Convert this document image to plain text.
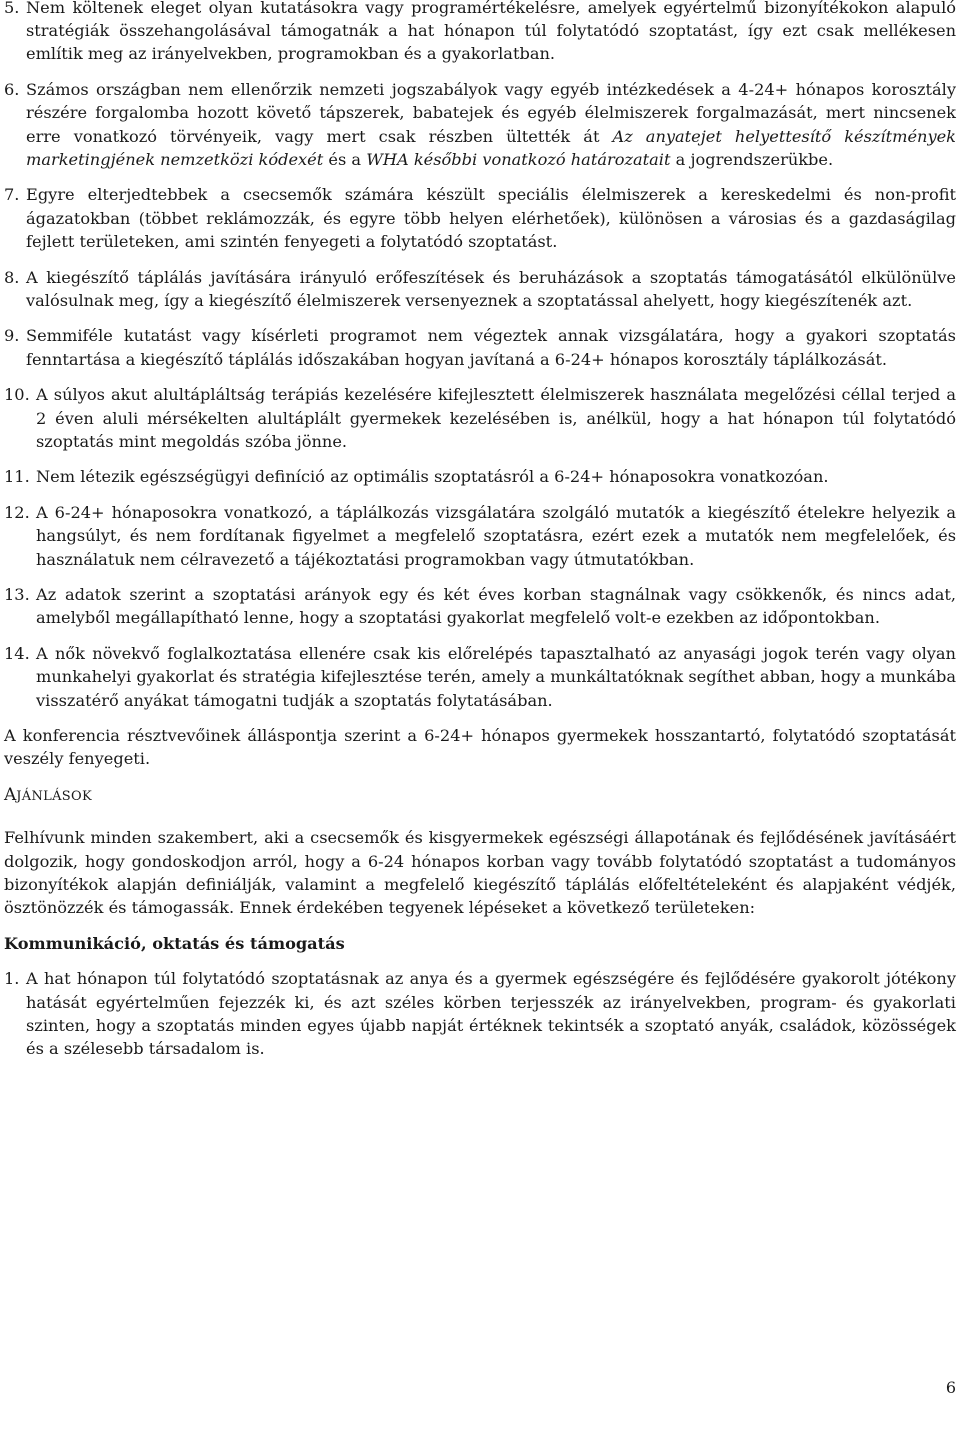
5. Nem költenek eleget olyan kutatásokra vagy programértékelésre, amelyek egyértelmű bizonyítékokon alapuló stratégiák összehangolásával támogatnák a hat hónapon túl folytatódó szoptatást, így ezt csak mellékesen említik meg az irányelvekben, programokban és a gyakorlatban.
6. Számos országban nem ellenőrzik nemzeti jogszabályok vagy egyéb intézkedések a 4-24+ hónapos korosztály részére forgalomba hozott követő tápszerek, babatejek és egyéb élelmiszerek forgalmazását, mert nincsenek erre vonatkozó törvényeik, vagy mert csak részben ültették át Az anyatejet helyettesítő készítmények marketingjének nemzetközi kódexét és a WHA későbbi vonatkozó határozatait a jogrendszerükbe.
7. Egyre elterjedtebbek a csecsemők számára készült speciális élelmiszerek a kereskedelmi és non-profit ágazatokban (többet reklámozzák, és egyre több helyen elérhetőek), különösen a városias és a gazdaságilag fejlett területeken, ami szintén fenyegeti a folytatódó szoptatást.
8. A kiegészítő táplálás javítására irányuló erőfeszítések és beruházások a szoptatás támogatásától elkülönülve valósulnak meg, így a kiegészítő élelmiszerek versenyeznek a szoptatással ahelyett, hogy kiegészítenék azt.
9. Semmiféle kutatást vagy kísérleti programot nem végeztek annak vizsgálatára, hogy a gyakori szoptatás fenntartása a kiegészítő táplálás időszakában hogyan javítaná a 6-24+ hónapos korosztály táplálkozását.
10. A súlyos akut alultápláltság terápiás kezelésére kifejlesztett élelmiszerek használata megelőzési céllal terjed a 2 éven aluli mérsékelten alultáplált gyermekek kezelésében is, anélkül, hogy a hat hónapon túl folytatódó szoptatás mint megoldás szóba jönne.
11. Nem létezik egészségügyi definíció az optimális szoptatásról a 6-24+ hónaposokra vonatkozóan.
12. A 6-24+ hónaposokra vonatkozó, a táplálkozás vizsgálatára szolgáló mutatók a kiegészítő ételekre helyezik a hangsúlyt, és nem fordítanak figyelmet a megfelelő szoptatásra, ezért ezek a mutatók nem megfelelőek, és használatuk nem célravezető a tájékoztatási programokban vagy útmutatókban.
13. Az adatok szerint a szoptatási arányok egy és két éves korban stagnálnak vagy csökkenők, és nincs adat, amelyből megállapítható lenne, hogy a szoptatási gyakorlat megfelelő volt-e ezekben az időpontokban.
14. A nők növekvő foglalkoztatása ellenére csak kis előrelépés tapasztalható az anyasági jogok terén vagy olyan munkahelyi gyakorlat és stratégia kifejlesztése terén, amely a munkáltatóknak segíthet abban, hogy a munkába visszatérő anyákat támogatni tudják a szoptatás folytatásában.

A konferencia résztvevőinek álláspontja szerint a 6-24+ hónapos gyermekek hosszantartó, folytatódó szoptatását veszély fenyegeti.

AJÁNLÁSOK

Felhívunk minden szakembert, aki a csecsemők és kisgyermekek egészségi állapotának és fejlődésének javításáért dolgozik, hogy gondoskodjon arról, hogy a 6-24 hónapos korban vagy tovább folytatódó szoptatást a tudományos bizonyítékok alapján definiálják, valamint a megfelelő kiegészítő táplálás előfeltételeként és alapjaként védjék, ösztönözzék és támogassák. Ennek érdekében tegyenek lépéseket a következő területeken:

Kommunikáció, oktatás és támogatás
1. A hat hónapon túl folytatódó szoptatásnak az anya és a gyermek egészségére és fejlődésére gyakorolt jótékony hatását egyértelműen fejezzék ki, és azt széles körben terjesszék az irányelvekben, program- és gyakorlati szinten, hogy a szoptatás minden egyes újabb napját értéknek tekintsék a szoptató anyák, családok, közösségek és a szélesebb társadalom is.
6
